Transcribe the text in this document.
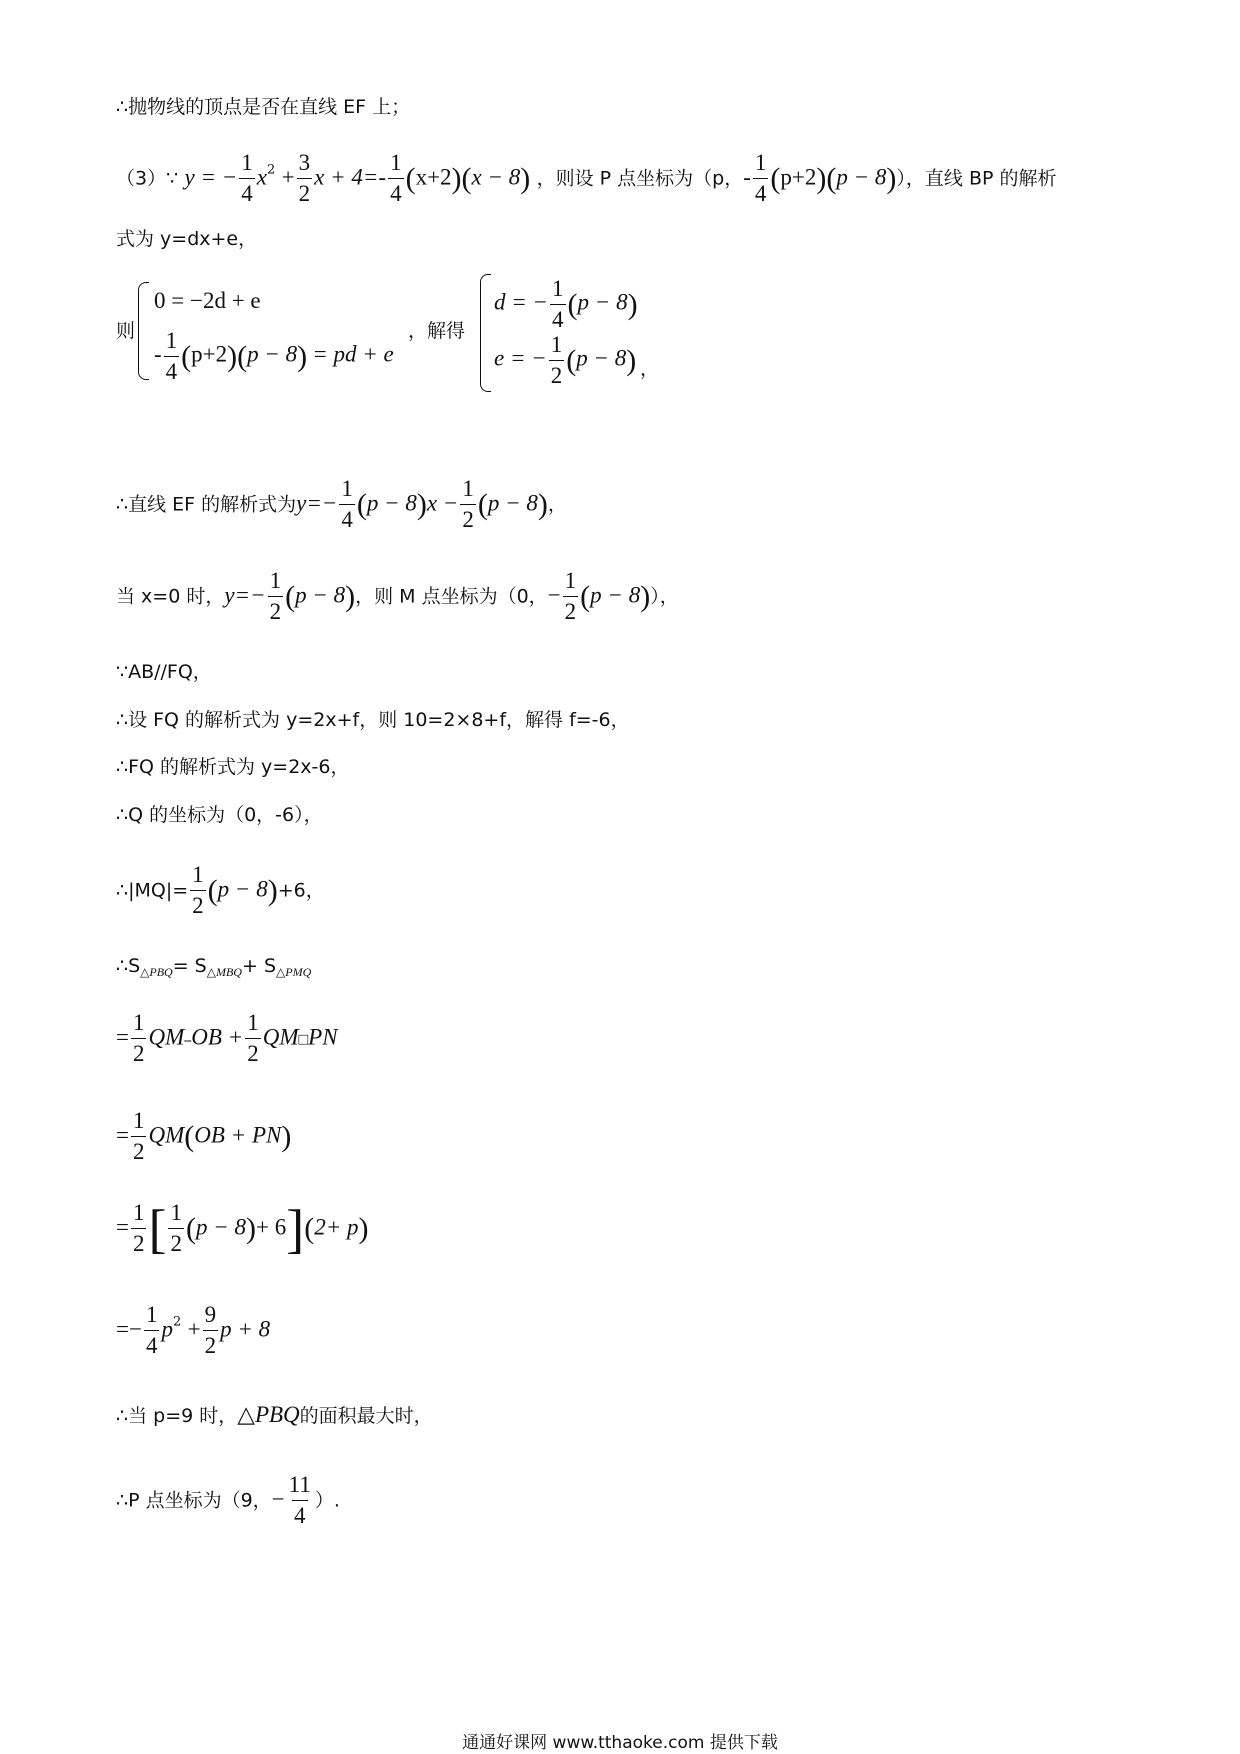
∴抛物线的顶点是否在直线 EF 上；
（3）∵ y = − $\frac{1}{4} x^2 + \frac{3}{2}$ $x + 4=- \frac{1}{4} (x+2)(x - 8)$ ，则设 P 点坐标为（p，- $\frac{1}{4} (p+2)(p - 8)$），直线 BP 的解析
式为 y=dx+e，
则
0 = −2d + e
- $\frac{1}{4} (p+2)(p - 8)$ = pd + e
，解得
d = − $\frac{1}{4} (p - 8)$
e = − $\frac{1}{2} (p - 8)$ ，
∴直线 EF 的解析式为$y=- \frac{1}{4} (p - 8)x - \frac{1}{2} (p - 8)$，
当 x=0 时，$y=- \frac{1}{2} (p - 8)$，则 M 点坐标为（0，− $\frac{1}{2} (p - 8)$），
∵AB//FQ，
∴设 FQ 的解析式为 y=2x+f，则 10=2×8+f，解得 f=-6，
∴FQ 的解析式为 y=2x-6，
∴Q 的坐标为（0，-6），
∴|MQ|= $\frac{1}{2} (p - 8)+6$，
$\therefore S_{\triangle PBQ}= S_{\triangle MBQ}+ S_{\triangle PMQ}$
= $\frac{1}{2}$ QM⎯OB + $\frac{1}{2}$ QM□PN
= $\frac{1}{2} QM(OB + PN)$
= $\frac{1}{2}$ [ $\frac{1}{2} (p - 8)+ 6](2+ p)$
=− $\frac{1}{4} p^2 + \frac{9}{2}$ p + 8
∴当 p=9 时，△PBQ的面积最大时，
∴P 点坐标为（9，− $\frac{11}{4}$ ）.
通通好课网 www.tthaoke.com 提供下载
